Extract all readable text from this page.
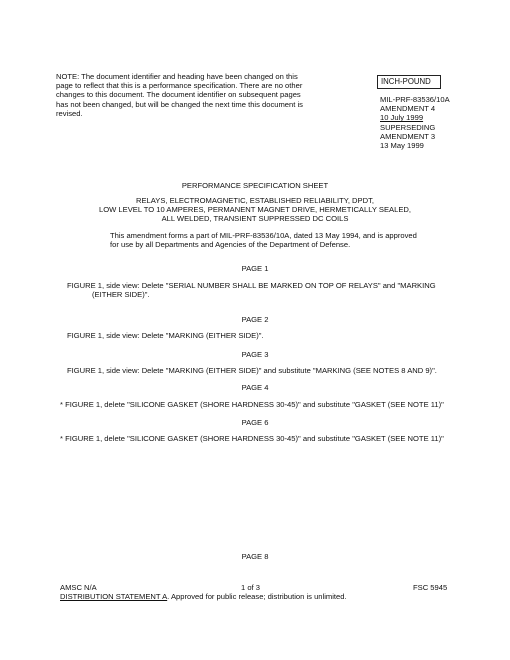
NOTE: The document identifier and heading have been changed on this
page to reflect that this is a performance specification. There are no other
changes to this document. The document identifier on subsequent pages
has not been changed, but will be changed the next time this document is
revised.
INCH-POUND
MIL-PRF-83536/10A
AMENDMENT 4
10 July 1999
SUPERSEDING
AMENDMENT 3
13 May 1999
PERFORMANCE SPECIFICATION SHEET
RELAYS, ELECTROMAGNETIC, ESTABLISHED RELIABILITY, DPDT,
LOW LEVEL TO 10 AMPERES, PERMANENT MAGNET DRIVE, HERMETICALLY SEALED,
ALL WELDED, TRANSIENT SUPPRESSED DC COILS
This amendment forms a part of MIL-PRF-83536/10A, dated 13 May 1994, and is approved
for use by all Departments and Agencies of the Department of Defense.
PAGE 1
FIGURE 1, side view: Delete "SERIAL NUMBER SHALL BE MARKED ON TOP OF RELAYS" and "MARKING
(EITHER SIDE)".
PAGE 2
FIGURE 1, side view: Delete "MARKING (EITHER SIDE)".
PAGE 3
FIGURE 1, side view: Delete "MARKING (EITHER SIDE)" and substitute "MARKING (SEE NOTES 8 AND 9)".
PAGE 4
* FIGURE 1, delete "SILICONE GASKET (SHORE HARDNESS 30-45)" and substitute "GASKET (SEE NOTE 11)"
PAGE 6
* FIGURE 1, delete "SILICONE GASKET (SHORE HARDNESS 30-45)" and substitute "GASKET (SEE NOTE 11)"
PAGE 8
AMSC N/A	1 of 3	FSC 5945
DISTRIBUTION STATEMENT A. Approved for public release; distribution is unlimited.
